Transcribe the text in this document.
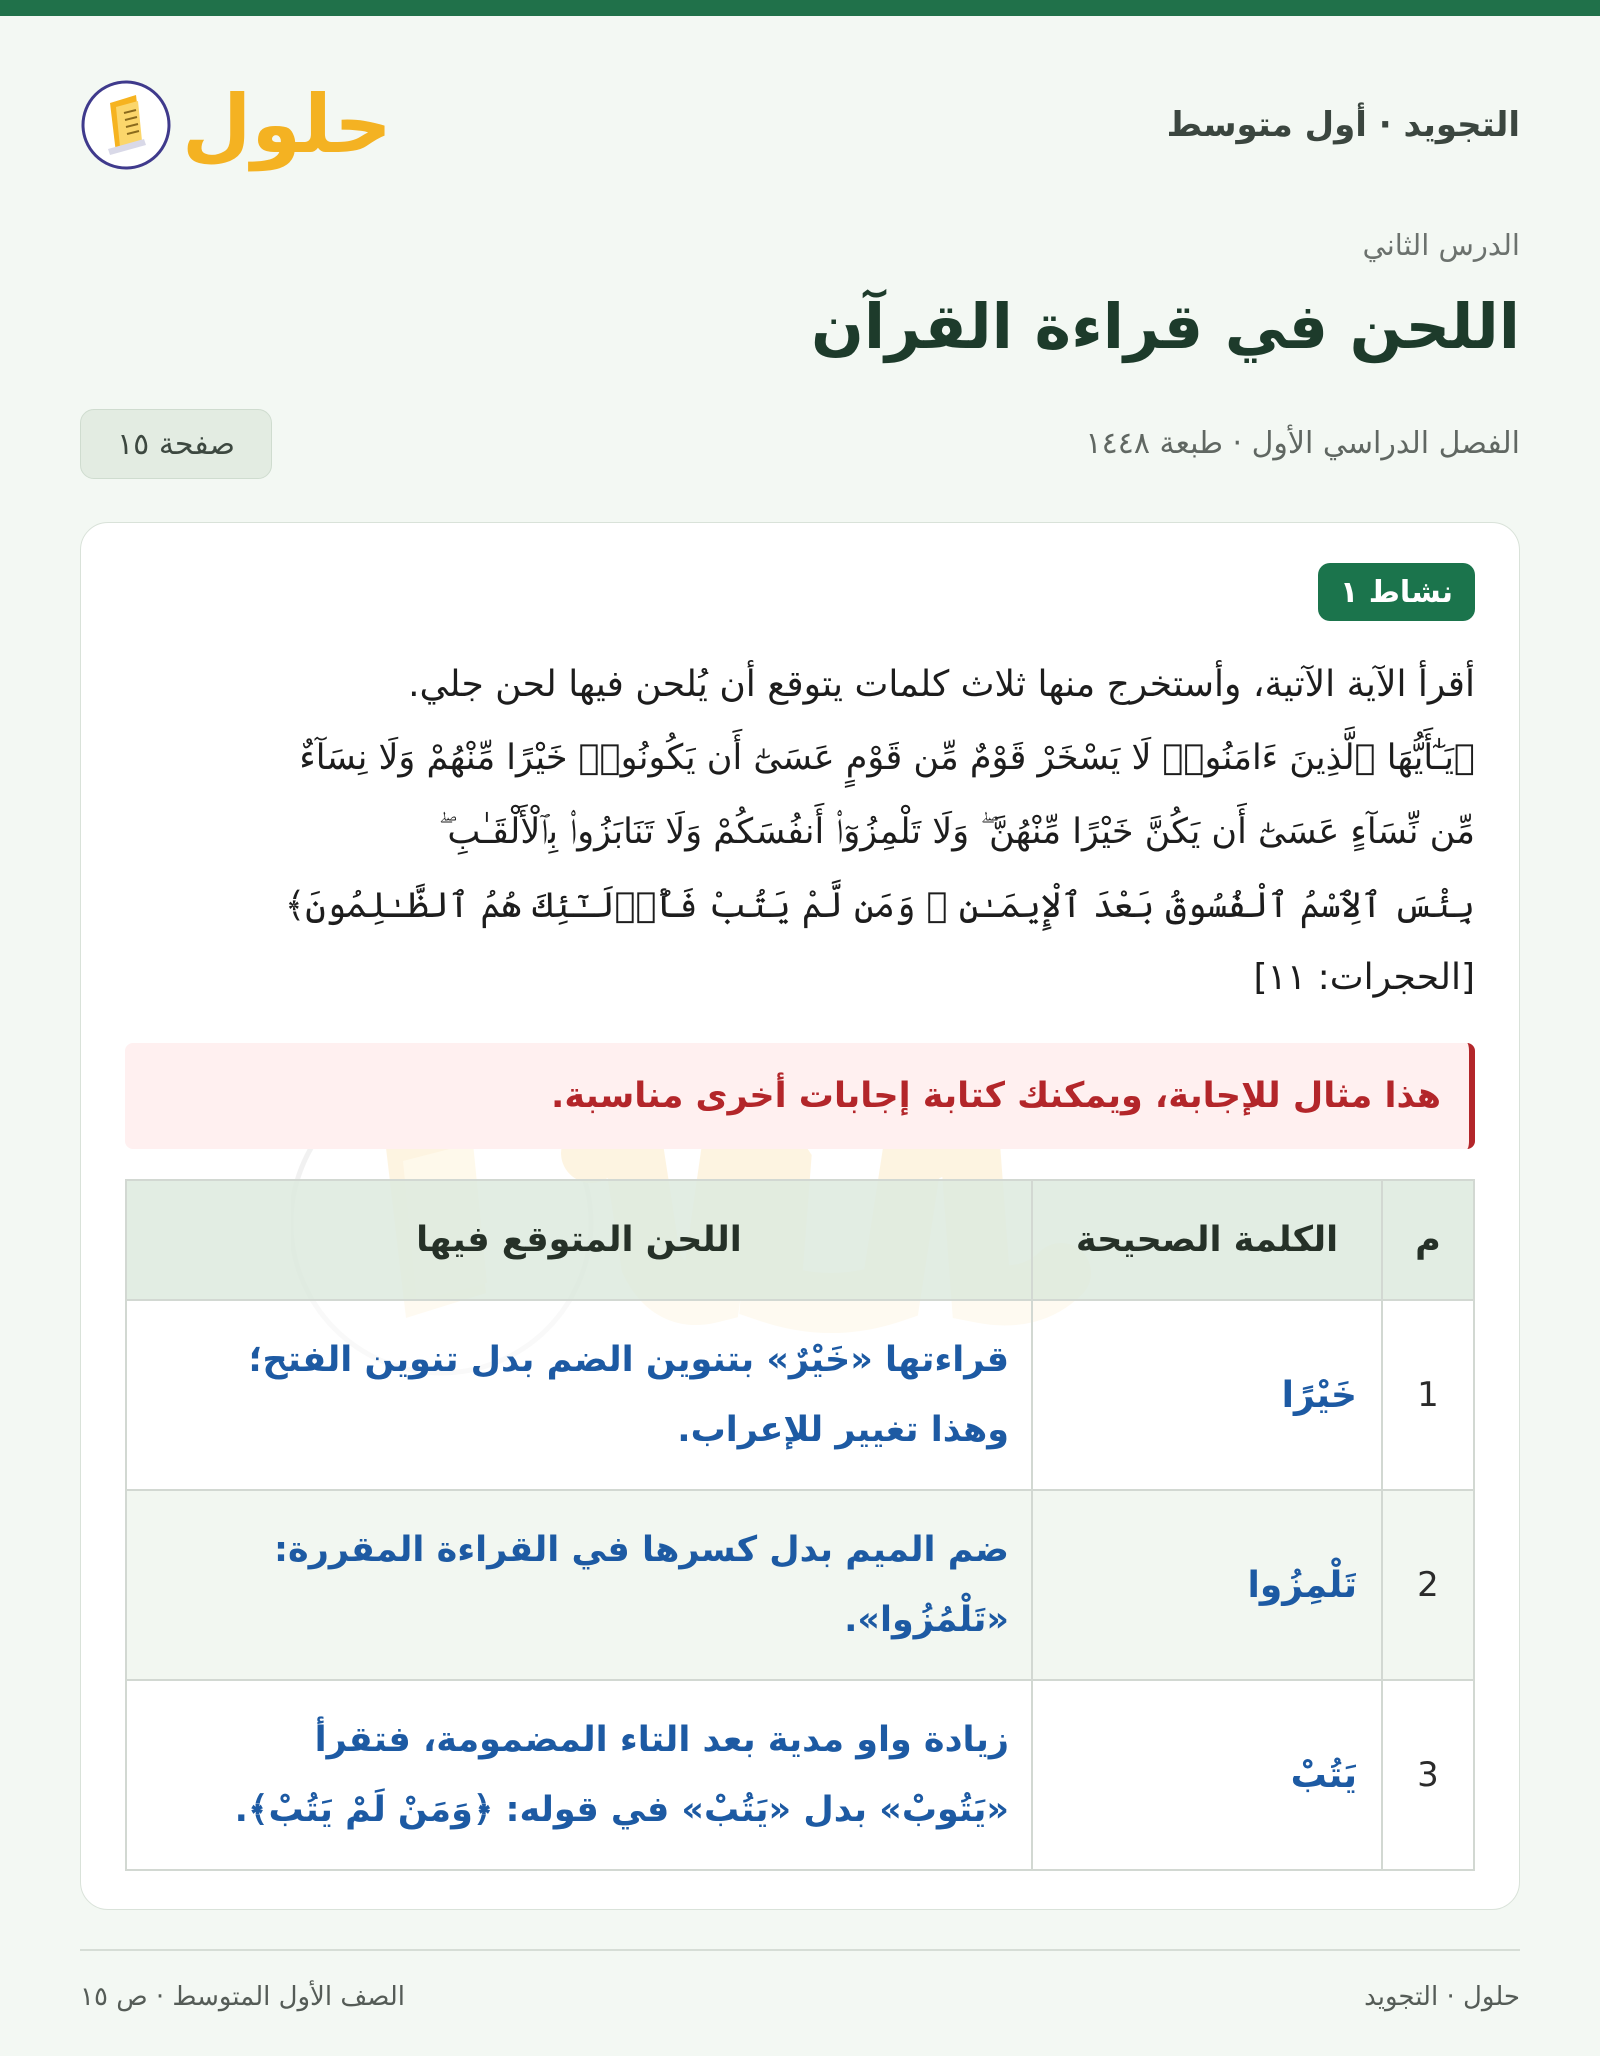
التجويد · أول متوسط
حلول
الدرس الثاني
اللحن في قراءة القرآن
الفصل الدراسي الأول · طبعة ١٤٤٨
صفحة ١٥
نشاط ١

أقرأ الآية الآتية، وأستخرج منها ثلاث كلمات يتوقع أن يُلحن فيها لحن جلي.

﴿يَـٰٓأَيُّهَا ٱلَّذِينَ ءَامَنُوا۟ لَا يَسْخَرْ قَوْمٌ مِّن قَوْمٍ عَسَىٰٓ أَن يَكُونُوا۟ خَيْرًا مِّنْهُمْ وَلَا نِسَآءٌ

مِّن نِّسَآءٍ عَسَىٰٓ أَن يَكُنَّ خَيْرًا مِّنْهُنَّ ۖ وَلَا تَلْمِزُوٓا۟ أَنفُسَكُمْ وَلَا تَنَابَزُوا۟ بِٱلْأَلْقَـٰبِ ۖ

بِئْسَ ٱلِٱسْمُ ٱلْفُسُوقُ بَعْدَ ٱلْإِيمَـٰنِ ۚ وَمَن لَّمْ يَتُبْ فَأُو۟لَـٰٓئِكَ هُمُ ٱلظَّـٰلِمُونَ﴾

[الحجرات: ١١]

هذا مثال للإجابة، ويمكنك كتابة إجابات أخرى مناسبة.
م	الكلمة الصحيحة	اللحن المتوقع فيها
1	خَيْرًا	قراءتها «خَيْرٌ» بتنوين الضم بدل تنوين الفتح؛
وهذا تغيير للإعراب.

2	تَلْمِزُوا	ضم الميم بدل كسرها في القراءة المقررة:
«تَلْمُزُوا».

3	يَتُبْ	زيادة واو مدية بعد التاء المضمومة، فتقرأ
«يَتُوبْ» بدل «يَتُبْ» في قوله: ﴿وَمَنْ لَمْ يَتُبْ﴾.
حلول · التجويد
الصف الأول المتوسط · ص ١٥
